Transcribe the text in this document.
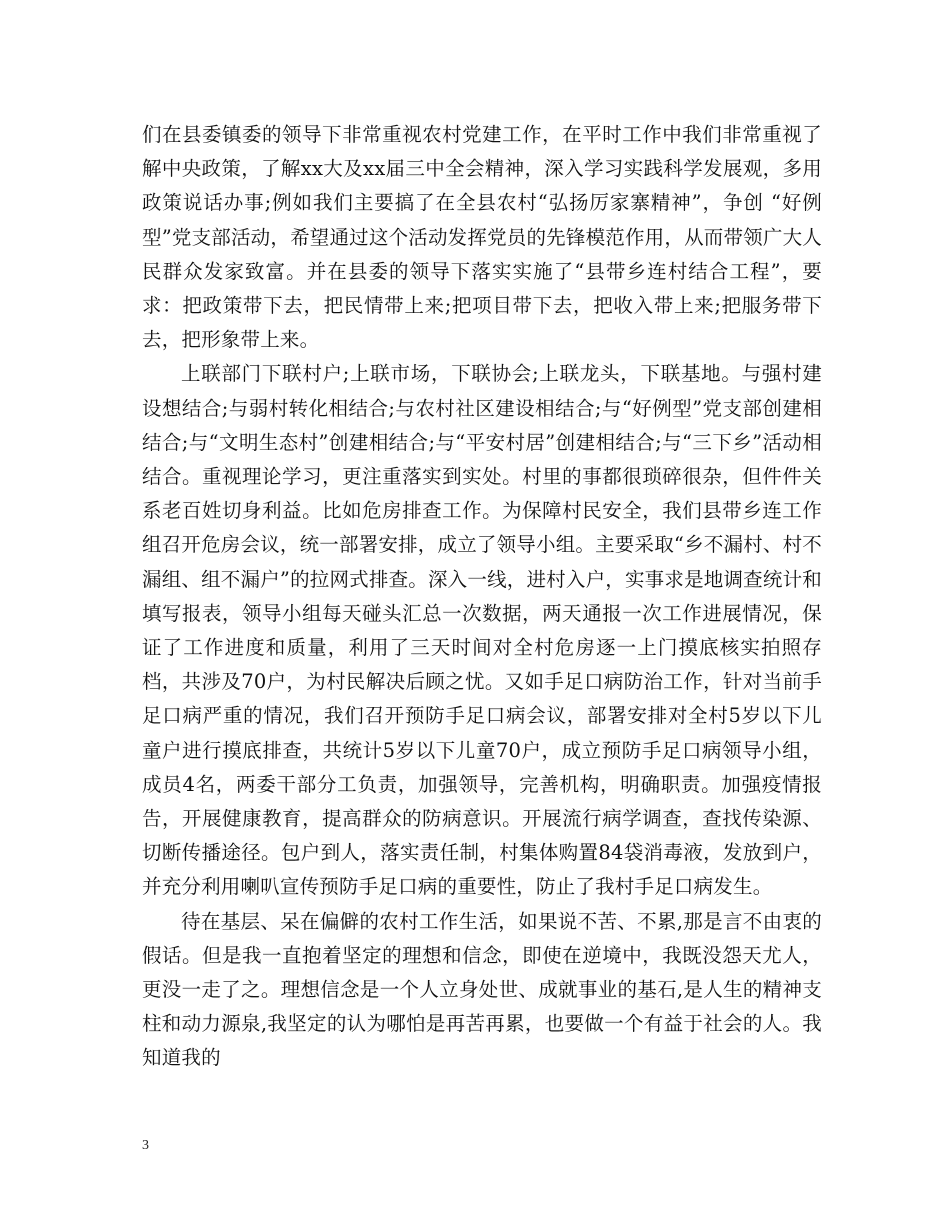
们在县委镇委的领导下非常重视农村党建工作，在平时工作中我们非常重视了解中央政策，了解xx大及xx届三中全会精神，深入学习实践科学发展观，多用政策说话办事;例如我们主要搞了在全县农村“弘扬厉家寨精神”，争创 “好例型”党支部活动，希望通过这个活动发挥党员的先锋模范作用，从而带领广大人民群众发家致富。并在县委的领导下落实实施了“县带乡连村结合工程”，要求：把政策带下去，把民情带上来;把项目带下去，把收入带上来;把服务带下去，把形象带上来。

上联部门下联村户;上联市场，下联协会;上联龙头，下联基地。与强村建设想结合;与弱村转化相结合;与农村社区建设相结合;与“好例型”党支部创建相结合;与“文明生态村”创建相结合;与“平安村居”创建相结合;与“三下乡”活动相结合。重视理论学习，更注重落实到实处。村里的事都很琐碎很杂，但件件关系老百姓切身利益。比如危房排查工作。为保障村民安全，我们县带乡连工作组召开危房会议，统一部署安排，成立了领导小组。主要采取“乡不漏村、村不漏组、组不漏户”的拉网式排查。深入一线，进村入户，实事求是地调查统计和填写报表，领导小组每天碰头汇总一次数据，两天通报一次工作进展情况，保证了工作进度和质量，利用了三天时间对全村危房逐一上门摸底核实拍照存档，共涉及70户，为村民解决后顾之忧。又如手足口病防治工作，针对当前手足口病严重的情况，我们召开预防手足口病会议，部署安排对全村5岁以下儿童户进行摸底排查，共统计5岁以下儿童70户，成立预防手足口病领导小组，成员4名，两委干部分工负责，加强领导，完善机构，明确职责。加强疫情报告，开展健康教育，提高群众的防病意识。开展流行病学调查，查找传染源、切断传播途径。包户到人，落实责任制，村集体购置84袋消毒液，发放到户，并充分利用喇叭宣传预防手足口病的重要性，防止了我村手足口病发生。

待在基层、呆在偏僻的农村工作生活，如果说不苦、不累,那是言不由衷的假话。但是我一直抱着坚定的理想和信念，即使在逆境中，我既没怨天尤人，更没一走了之。理想信念是一个人立身处世、成就事业的基石,是人生的精神支柱和动力源泉,我坚定的认为哪怕是再苦再累，也要做一个有益于社会的人。我知道我的

3
